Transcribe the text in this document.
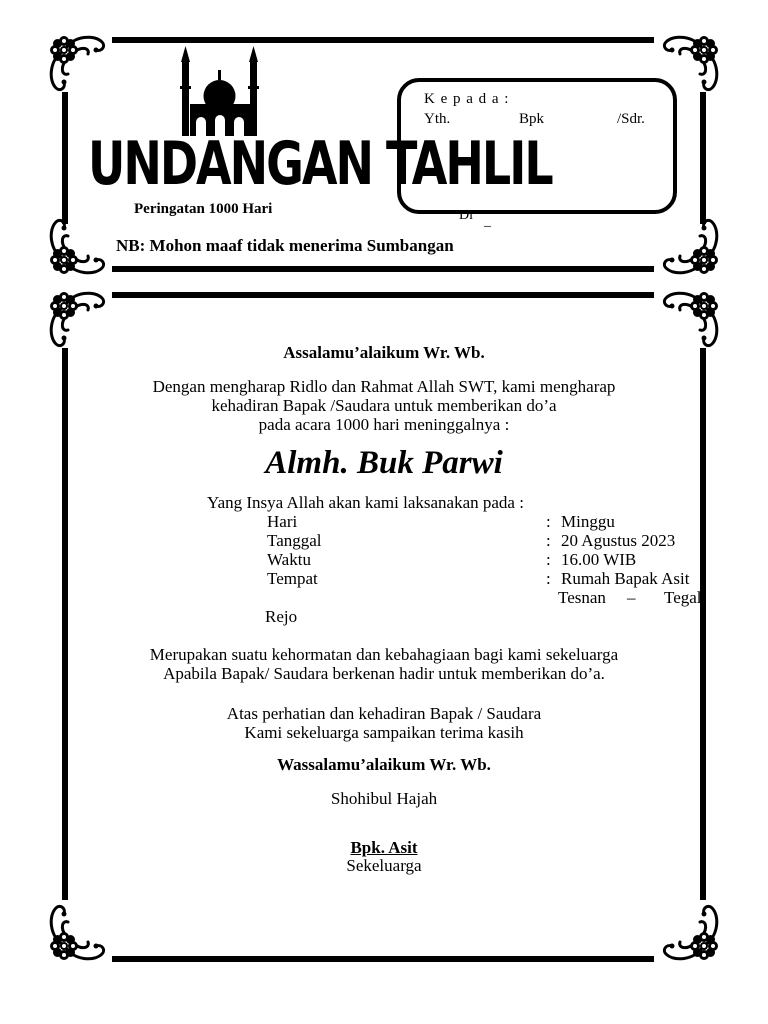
UNDANGAN TAHLIL
Peringatan 1000 Hari
NB: Mohon maaf tidak menerima Sumbangan
K e p a d a :
Yth.	Bpk	/Sdr.
Di _
Assalamu’alaikum Wr. Wb.
Dengan mengharap Ridlo dan Rahmat Allah SWT, kami mengharap
kehadiran Bapak /Saudara untuk memberikan do’a
pada acara 1000 hari meninggalnya :
Almh. Buk Parwi
Yang Insya Allah akan kami laksanakan pada :
Hari	: Minggu
Tanggal	: 20 Agustus 2023
Waktu	: 16.00 WIB
Tempat	: Rumah Bapak Asit
Tesnan – Tegal
Rejo
Merupakan suatu kehormatan dan kebahagiaan bagi kami sekeluarga
Apabila Bapak/ Saudara berkenan hadir untuk memberikan do’a.
Atas perhatian dan kehadiran Bapak / Saudara
Kami sekeluarga sampaikan terima kasih
Wassalamu’alaikum Wr. Wb.
Shohibul Hajah
Bpk. Asit
Sekeluarga
